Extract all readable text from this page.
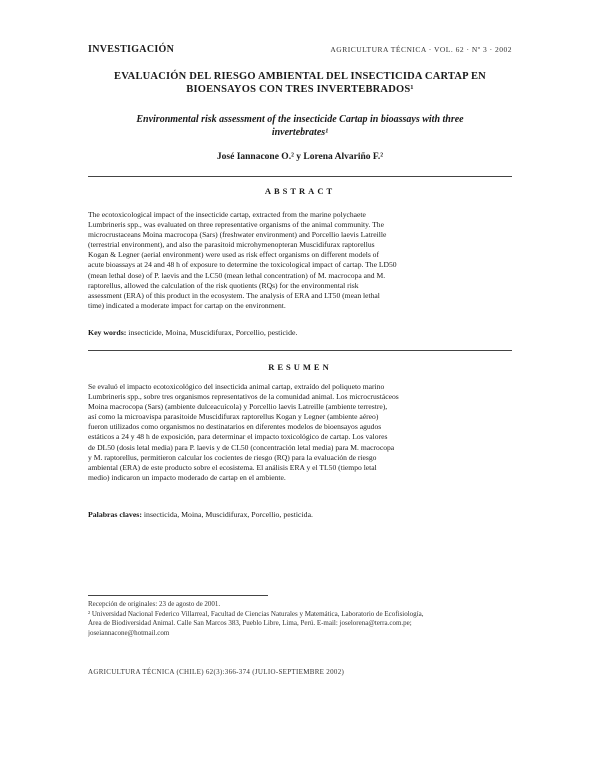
INVESTIGACIÓN	AGRICULTURA TÉCNICA · VOL. 62 · Nº 3 · 2002
EVALUACIÓN DEL RIESGO AMBIENTAL DEL INSECTICIDA CARTAP EN BIOENSAYOS CON TRES INVERTEBRADOS¹
Environmental risk assessment of the insecticide Cartap in bioassays with three invertebrates¹
José Iannacone O.² y Lorena Alvariño F.²
ABSTRACT
The ecotoxicological impact of the insecticide cartap, extracted from the marine polychaete
Lumbrineris spp., was evaluated on three representative organisms of the animal community. The
microcrustaceans Moina macrocopa (Sars) (freshwater environment) and Porcellio laevis Latreille
(terrestrial environment), and also the parasitoid microhymenopteran Muscidifurax raptorellus
Kogan & Legner (aerial environment) were used as risk effect organisms on different models of
acute bioassays at 24 and 48 h of exposure to determine the toxicological impact of cartap. The LD50
(mean lethal dose) of P. laevis and the LC50 (mean lethal concentration) of M. macrocopa and M.
raptorellus, allowed the calculation of the risk quotients (RQs) for the environmental risk
assessment (ERA) of this product in the ecosystem. The analysis of ERA and LT50 (mean lethal
time) indicated a moderate impact for cartap on the environment.
Key words: insecticide, Moina, Muscidifurax, Porcellio, pesticide.
RESUMEN
Se evaluó el impacto ecotoxicológico del insecticida animal cartap, extraído del poliqueto marino
Lumbrineris spp., sobre tres organismos representativos de la comunidad animal. Los microcrustáceos
Moina macrocopa (Sars) (ambiente dulceacuícola) y Porcellio laevis Latreille (ambiente terrestre),
así como la microavispa parasitoide Muscidifurax raptorellus Kogan y Legner (ambiente aéreo)
fueron utilizados como organismos no destinatarios en diferentes modelos de bioensayos agudos
estáticos a 24 y 48 h de exposición, para determinar el impacto toxicológico de cartap. Los valores
de DL50 (dosis letal media) para P. laevis y de CL50 (concentración letal media) para M. macrocopa
y M. raptorellus, permitieron calcular los cocientes de riesgo (RQ) para la evaluación de riesgo
ambiental (ERA) de este producto sobre el ecosistema. El análisis ERA y el TL50 (tiempo letal
medio) indicaron un impacto moderado de cartap en el ambiente.
Palabras claves: insecticida, Moina, Muscidifurax, Porcellio, pesticida.
Recepción de originales: 23 de agosto de 2001.
² Universidad Nacional Federico Villarreal, Facultad de Ciencias Naturales y Matemática, Laboratorio de Ecofisiología,
Área de Biodiversidad Animal. Calle San Marcos 383, Pueblo Libre, Lima, Perú. E-mail: joselorena@terra.com.pe;
joseiannacone@hotmail.com
AGRICULTURA TÉCNICA (CHILE) 62(3):366-374 (JULIO-SEPTIEMBRE 2002)
